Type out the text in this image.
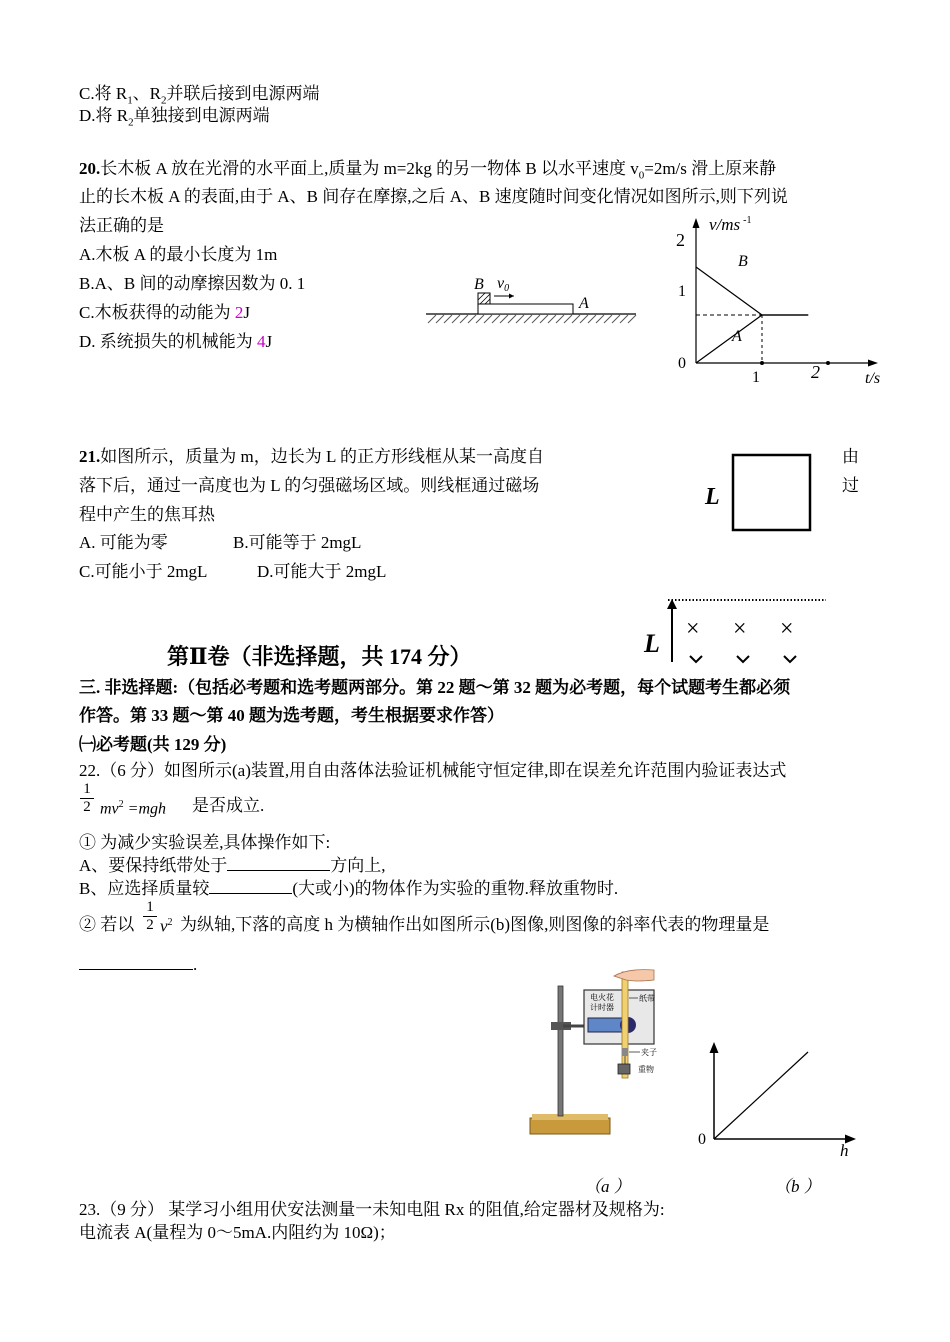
C.将 $R_1$、$R_2$并联后接到电源两端
D.将 $R_2$单独接到电源两端
20.长木板 A 放在光滑的水平面上,质量为 m=2kg 的另一物体 B 以水平速度 $v_0=2m/s$ 滑上原来静
止的长木板 A 的表面,由于 A、B 间存在摩擦,之后 A、B 速度随时间变化情况如图所示,则下列说
法正确的是
A.木板 A 的最小长度为 1m
B.A、B 间的动摩擦因数为 0. 1
C.木板获得的动能为 2J
D. 系统损失的机械能为 4J
B v0
A
v/ms $^{-1}$
2
1
0
1	2	t/s
B
A
21.如图所示，质量为 m，边长为 L 的正方形线框从某一高度自	由
落下后，通过一高度也为 L 的匀强磁场区域。则线框通过磁场	过
程中产生的焦耳热
A. 可能为零	B.可能等于 2mgL
C.可能小于 2mgL	D.可能大于 2mgL
L
L × × ×
第Ⅱ卷（非选择题，共 174 分）
三. 非选择题:（包括必考题和选考题两部分。第 22 题～第 32 题为必考题，每个试题考生都必须
作答。第 33 题～第 40 题为选考题，考生根据要求作答）
㈠必考题(共 129 分)
22.（6 分）如图所示(a)装置,用自由落体法验证机械能守恒定律,即在误差允许范围内验证表达式
$\frac{1}{2} mv^2 =mgh$ 是否成立.
① 为减少实验误差,具体操作如下:
A、要保持纸带处于	方向上,
B、应选择质量较	(大或小)的物体作为实验的重物.释放重物时.
② 若以 $\frac{1}{2} v^2$ 为纵轴,下落的高度 h 为横轴作出如图所示(b)图像,则图像的斜率代表的物理量是
.
电火花
计时器
纸带
夹子
重物
0
h
（a ）	（b ）
23.（9 分） 某学习小组用伏安法测量一未知电阻 Rx 的阻值,给定器材及规格为:
电流表 A(量程为 0～5mA.内阻约为 10Ω)；
